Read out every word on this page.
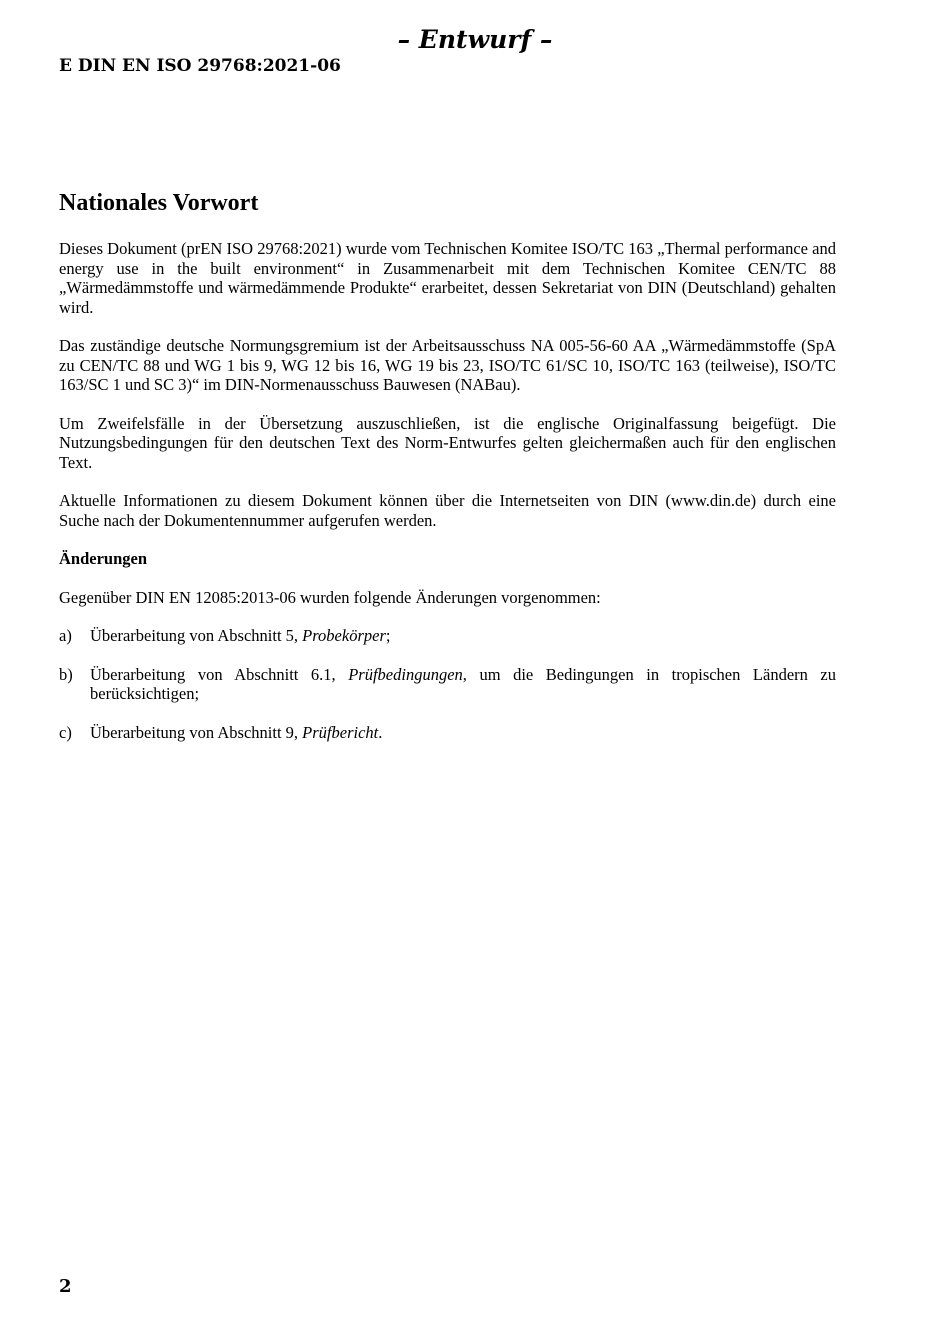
– Entwurf –
E DIN EN ISO 29768:2021-06
Nationales Vorwort

Dieses Dokument (prEN ISO 29768:2021) wurde vom Technischen Komitee ISO/TC 163 „Thermal performance and energy use in the built environment“ in Zusammenarbeit mit dem Technischen Komitee CEN/TC 88 „Wärmedämmstoffe und wärmedämmende Produkte“ erarbeitet, dessen Sekretariat von DIN (Deutschland) gehalten wird.

Das zuständige deutsche Normungsgremium ist der Arbeitsausschuss NA 005-56-60 AA „Wärmedämmstoffe (SpA zu CEN/TC 88 und WG 1 bis 9, WG 12 bis 16, WG 19 bis 23, ISO/TC 61/SC 10, ISO/TC 163 (teilweise), ISO/TC 163/SC 1 und SC 3)“ im DIN-Normenausschuss Bauwesen (NABau).

Um Zweifelsfälle in der Übersetzung auszuschließen, ist die englische Originalfassung beigefügt. Die Nutzungsbedingungen für den deutschen Text des Norm-Entwurfes gelten gleichermaßen auch für den englischen Text.

Aktuelle Informationen zu diesem Dokument können über die Internetseiten von DIN (www.din.de) durch eine Suche nach der Dokumentennummer aufgerufen werden.

Änderungen

Gegenüber DIN EN 12085:2013-06 wurden folgende Änderungen vorgenommen:

a) Überarbeitung von Abschnitt 5, Probekörper;
b) Überarbeitung von Abschnitt 6.1, Prüfbedingungen, um die Bedingungen in tropischen Ländern zu berücksichtigen;
c) Überarbeitung von Abschnitt 9, Prüfbericht.
2
